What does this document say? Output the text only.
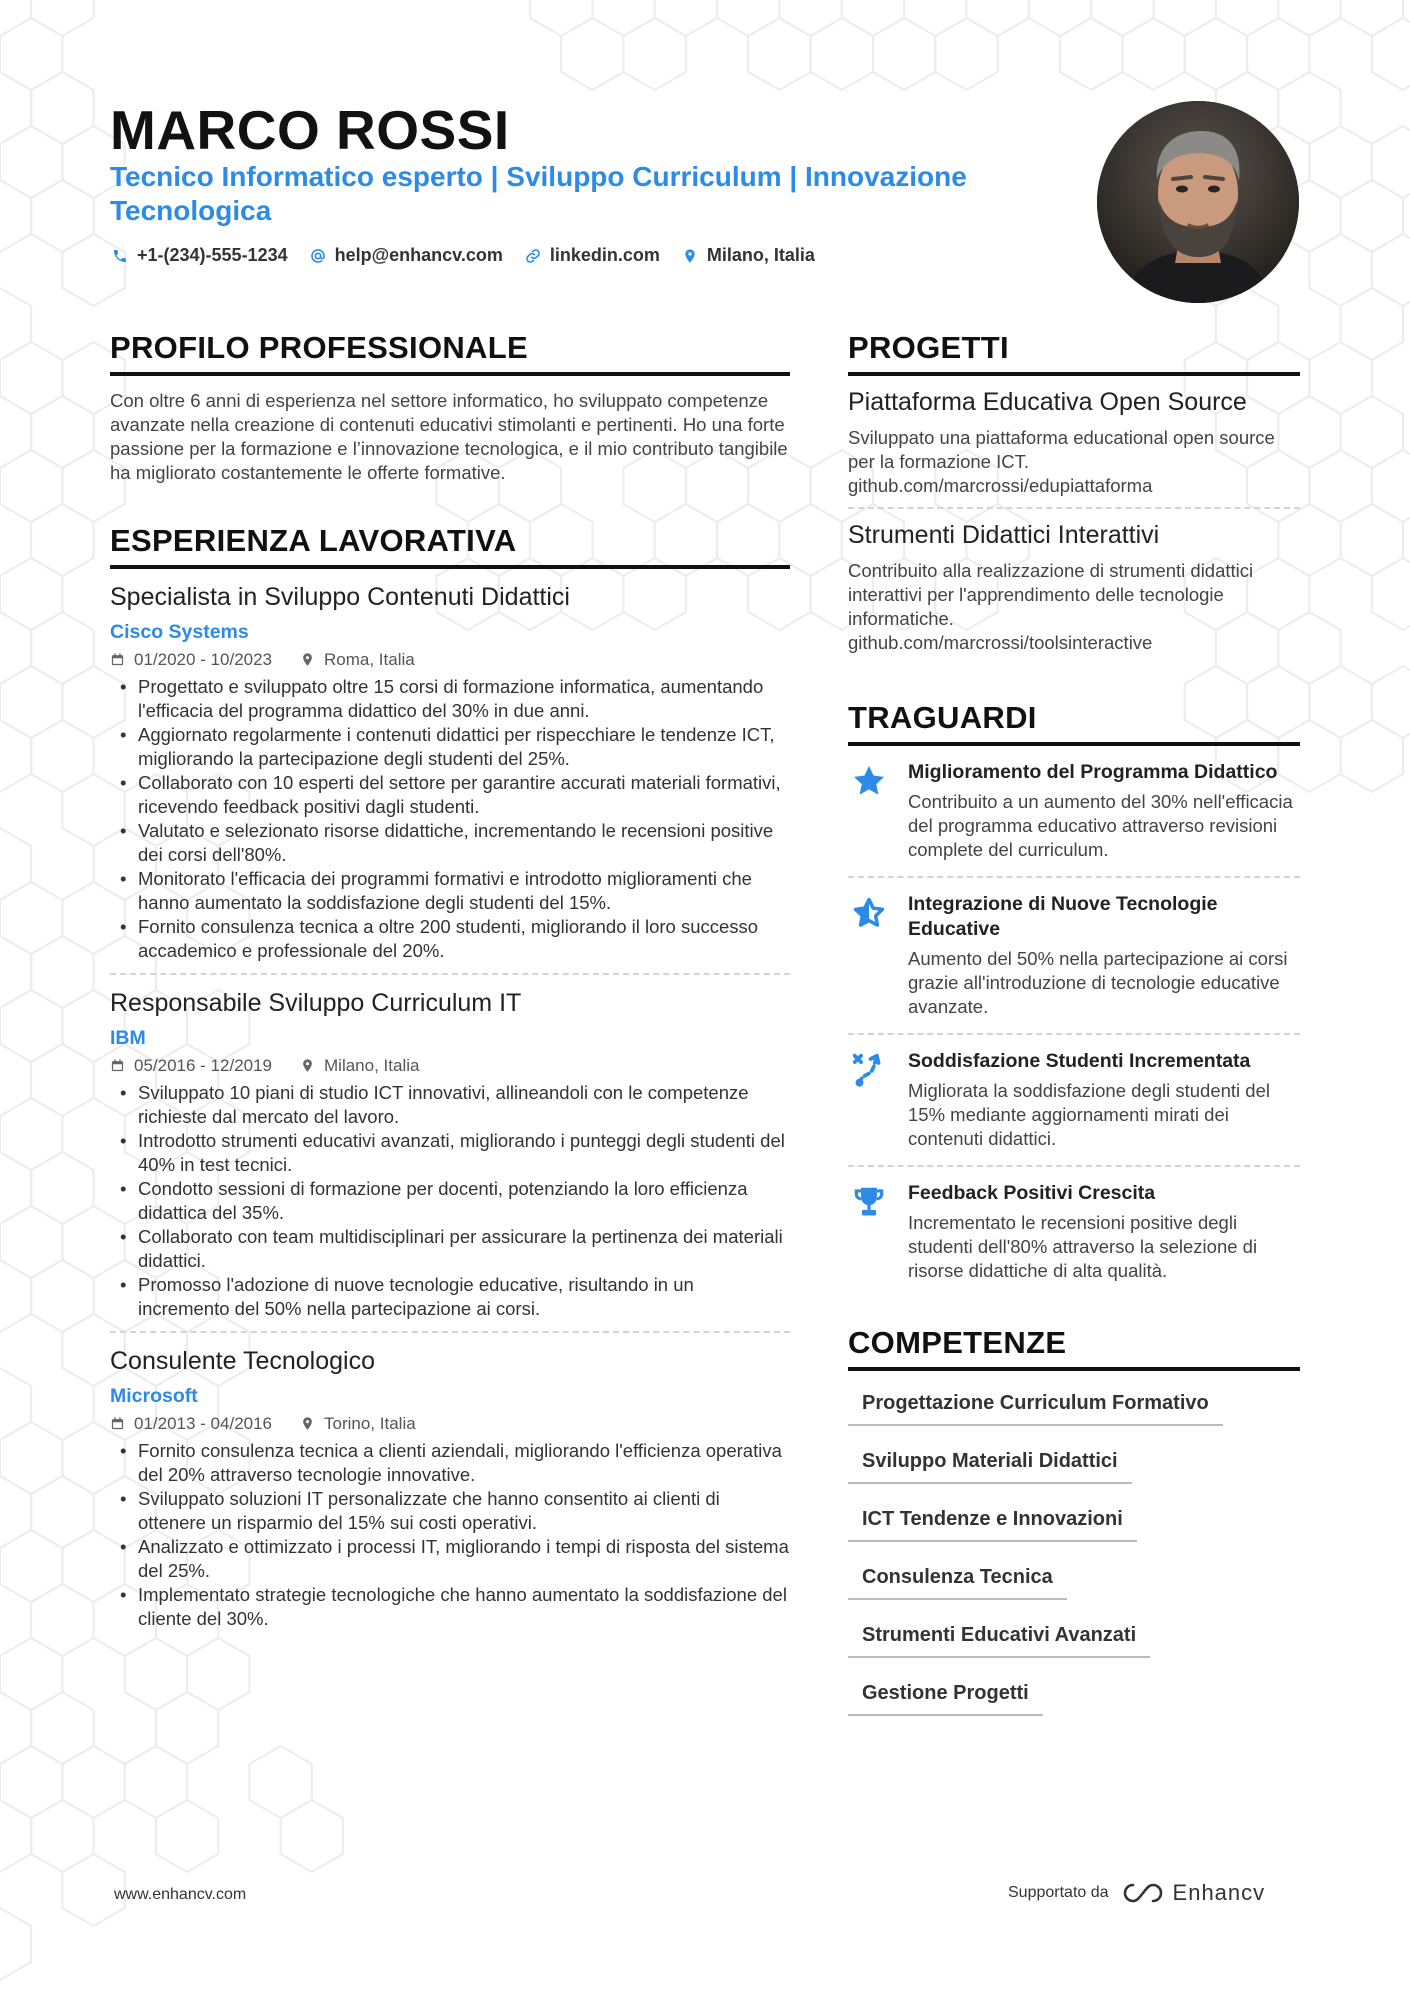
MARCO ROSSI
Tecnico Informatico esperto | Sviluppo Curriculum | Innovazione Tecnologica
+1-(234)-555-1234	help@enhancv.com	linkedin.com	Milano, Italia
PROFILO PROFESSIONALE

Con oltre 6 anni di esperienza nel settore informatico, ho sviluppato competenze avanzate nella creazione di contenuti educativi stimolanti e pertinenti. Ho una forte passione per la formazione e l’innovazione tecnologica, e il mio contributo tangibile ha migliorato costantemente le offerte formative.

ESPERIENZA LAVORATIVA
Specialista in Sviluppo Contenuti Didattici
Cisco Systems
01/2020 - 10/2023	Roma, Italia
• Progettato e sviluppato oltre 15 corsi di formazione informatica, aumentando l'efficacia del programma didattico del 30% in due anni.
• Aggiornato regolarmente i contenuti didattici per rispecchiare le tendenze ICT, migliorando la partecipazione degli studenti del 25%.
• Collaborato con 10 esperti del settore per garantire accurati materiali formativi, ricevendo feedback positivi dagli studenti.
• Valutato e selezionato risorse didattiche, incrementando le recensioni positive dei corsi dell'80%.
• Monitorato l'efficacia dei programmi formativi e introdotto miglioramenti che hanno aumentato la soddisfazione degli studenti del 15%.
• Fornito consulenza tecnica a oltre 200 studenti, migliorando il loro successo accademico e professionale del 20%.
Responsabile Sviluppo Curriculum IT
IBM
05/2016 - 12/2019	Milano, Italia
• Sviluppato 10 piani di studio ICT innovativi, allineandoli con le competenze richieste dal mercato del lavoro.
• Introdotto strumenti educativi avanzati, migliorando i punteggi degli studenti del 40% in test tecnici.
• Condotto sessioni di formazione per docenti, potenziando la loro efficienza didattica del 35%.
• Collaborato con team multidisciplinari per assicurare la pertinenza dei materiali didattici.
• Promosso l'adozione di nuove tecnologie educative, risultando in un incremento del 50% nella partecipazione ai corsi.
Consulente Tecnologico
Microsoft
01/2013 - 04/2016	Torino, Italia
• Fornito consulenza tecnica a clienti aziendali, migliorando l'efficienza operativa del 20% attraverso tecnologie innovative.
• Sviluppato soluzioni IT personalizzate che hanno consentito ai clienti di ottenere un risparmio del 15% sui costi operativi.
• Analizzato e ottimizzato i processi IT, migliorando i tempi di risposta del sistema del 25%.
• Implementato strategie tecnologiche che hanno aumentato la soddisfazione del cliente del 30%.
PROGETTI
Piattaforma Educativa Open Source

Sviluppato una piattaforma educational open source per la formazione ICT.
github.com/marcrossi/edupiattaforma

Strumenti Didattici Interattivi

Contribuito alla realizzazione di strumenti didattici interattivi per l'apprendimento delle tecnologie informatiche.
github.com/marcrossi/toolsinteractive

TRAGUARDI
Miglioramento del Programma Didattico

Contribuito a un aumento del 30% nell'efficacia del programma educativo attraverso revisioni complete del curriculum.

Integrazione di Nuove Tecnologie Educative

Aumento del 50% nella partecipazione ai corsi grazie all'introduzione di tecnologie educative avanzate.

Soddisfazione Studenti Incrementata

Migliorata la soddisfazione degli studenti del 15% mediante aggiornamenti mirati dei contenuti didattici.

Feedback Positivi Crescita

Incrementato le recensioni positive degli studenti dell'80% attraverso la selezione di risorse didattiche di alta qualità.

COMPETENZE
Progettazione Curriculum Formativo
Sviluppo Materiali Didattici
ICT Tendenze e Innovazioni
Consulenza Tecnica
Strumenti Educativi Avanzati
Gestione Progetti
www.enhancv.com	Supportato da	Enhancv
